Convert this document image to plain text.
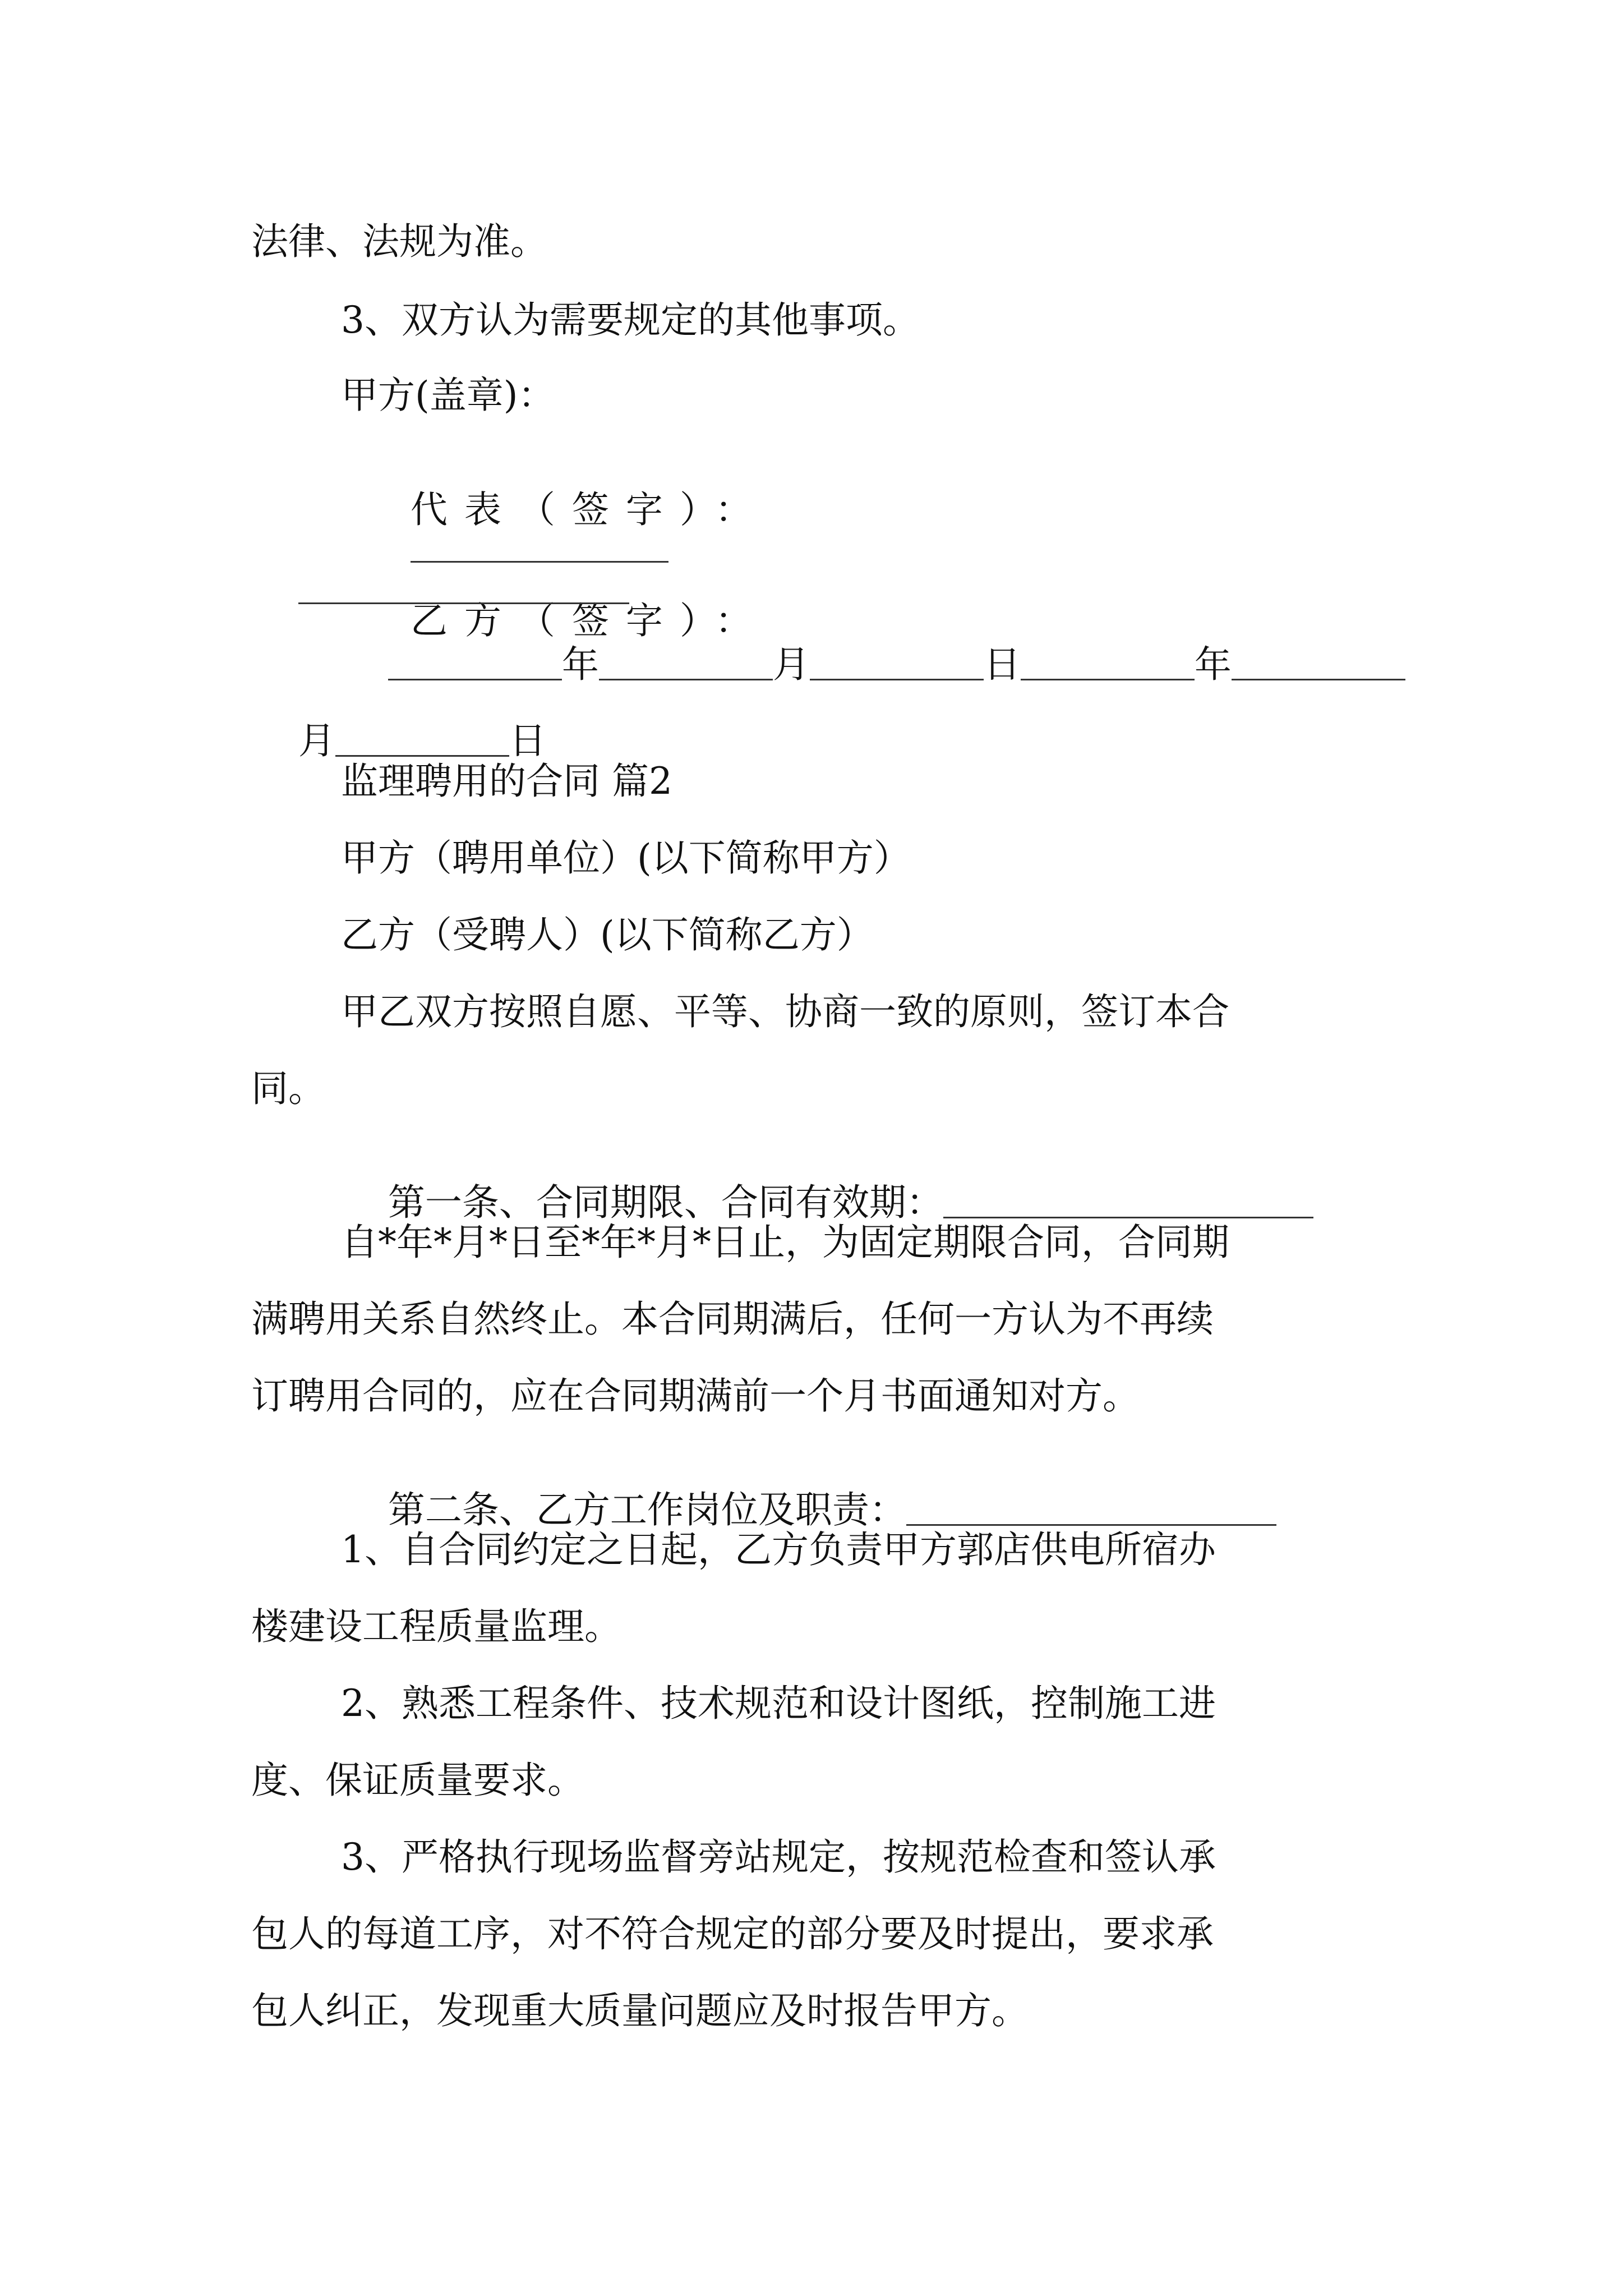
法律、法规为准。
3、双方认为需要规定的其他事项。
甲方(盖章)：

代表（签字）：

乙方（签字）：

年	月	日	年

月	日

监理聘用的合同 篇2
甲方（聘用单位）(以下简称甲方）
乙方（受聘人）(以下简称乙方）
甲乙双方按照自愿、平等、协商一致的原则，签订本合
同。

第一条、合同期限、合同有效期：

自*年*月*日至*年*月*日止，为固定期限合同，合同期
满聘用关系自然终止。本合同期满后，任何一方认为不再续
订聘用合同的，应在合同期满前一个月书面通知对方。

第二条、乙方工作岗位及职责：

1、自合同约定之日起，乙方负责甲方郭店供电所宿办
楼建设工程质量监理。
2、熟悉工程条件、技术规范和设计图纸，控制施工进
度、保证质量要求。
3、严格执行现场监督旁站规定，按规范检查和签认承
包人的每道工序，对不符合规定的部分要及时提出，要求承
包人纠正，发现重大质量问题应及时报告甲方。
